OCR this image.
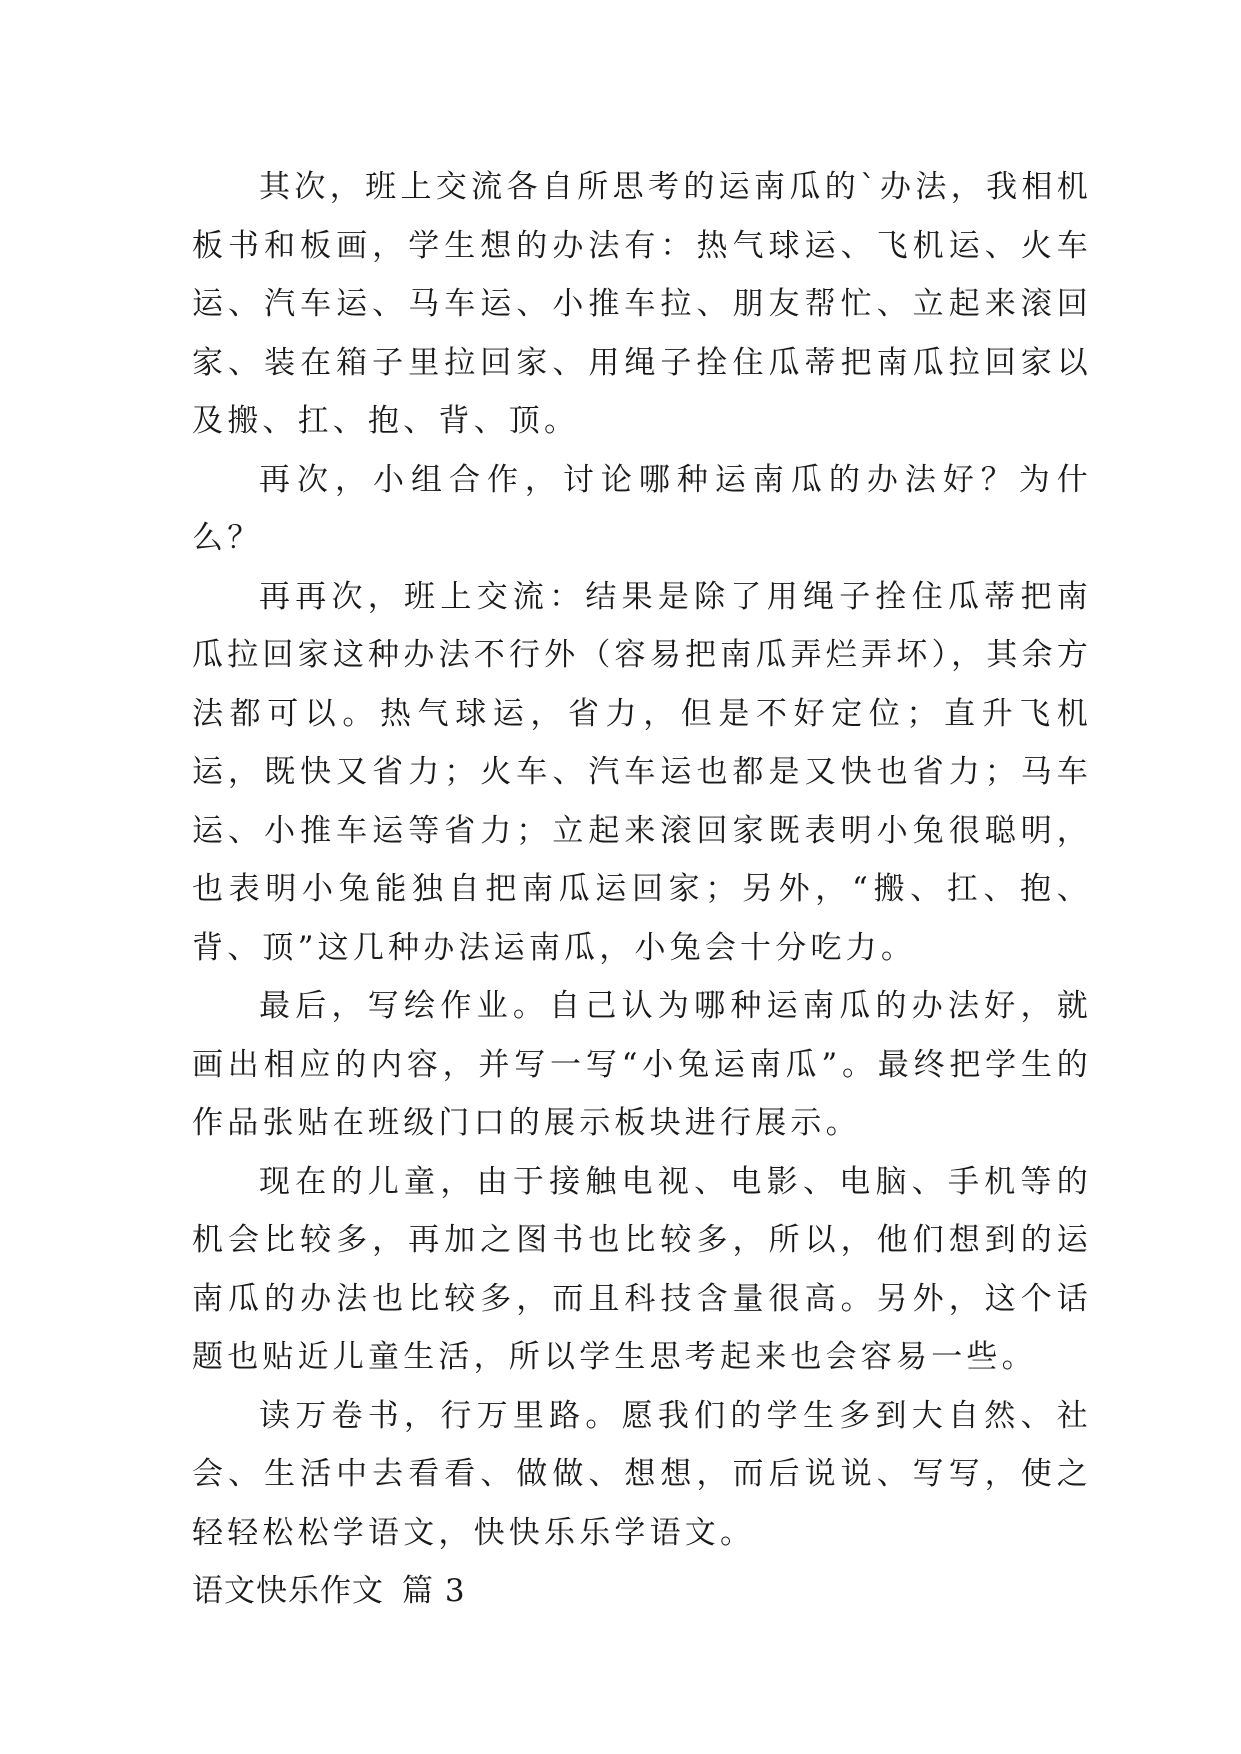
其次，班上交流各自所思考的运南瓜的`办法，我相机板书和板画，学生想的办法有：热气球运、飞机运、火车运、汽车运、马车运、小推车拉、朋友帮忙、立起来滚回家、装在箱子里拉回家、用绳子拴住瓜蒂把南瓜拉回家以及搬、扛、抱、背、顶。

再次，小组合作，讨论哪种运南瓜的办法好？为什么？

再再次，班上交流：结果是除了用绳子拴住瓜蒂把南瓜拉回家这种办法不行外（容易把南瓜弄烂弄坏），其余方法都可以。热气球运，省力，但是不好定位；直升飞机运，既快又省力；火车、汽车运也都是又快也省力；马车运、小推车运等省力；立起来滚回家既表明小兔很聪明，也表明小兔能独自把南瓜运回家；另外，“搬、扛、抱、背、顶”这几种办法运南瓜，小兔会十分吃力。

最后，写绘作业。自己认为哪种运南瓜的办法好，就画出相应的内容，并写一写“小兔运南瓜”。最终把学生的作品张贴在班级门口的展示板块进行展示。

现在的儿童，由于接触电视、电影、电脑、手机等的机会比较多，再加之图书也比较多，所以，他们想到的运南瓜的办法也比较多，而且科技含量很高。另外，这个话题也贴近儿童生活，所以学生思考起来也会容易一些。

读万卷书，行万里路。愿我们的学生多到大自然、社会、生活中去看看、做做、想想，而后说说、写写，使之轻轻松松学语文，快快乐乐学语文。

语文快乐作文 篇 3
